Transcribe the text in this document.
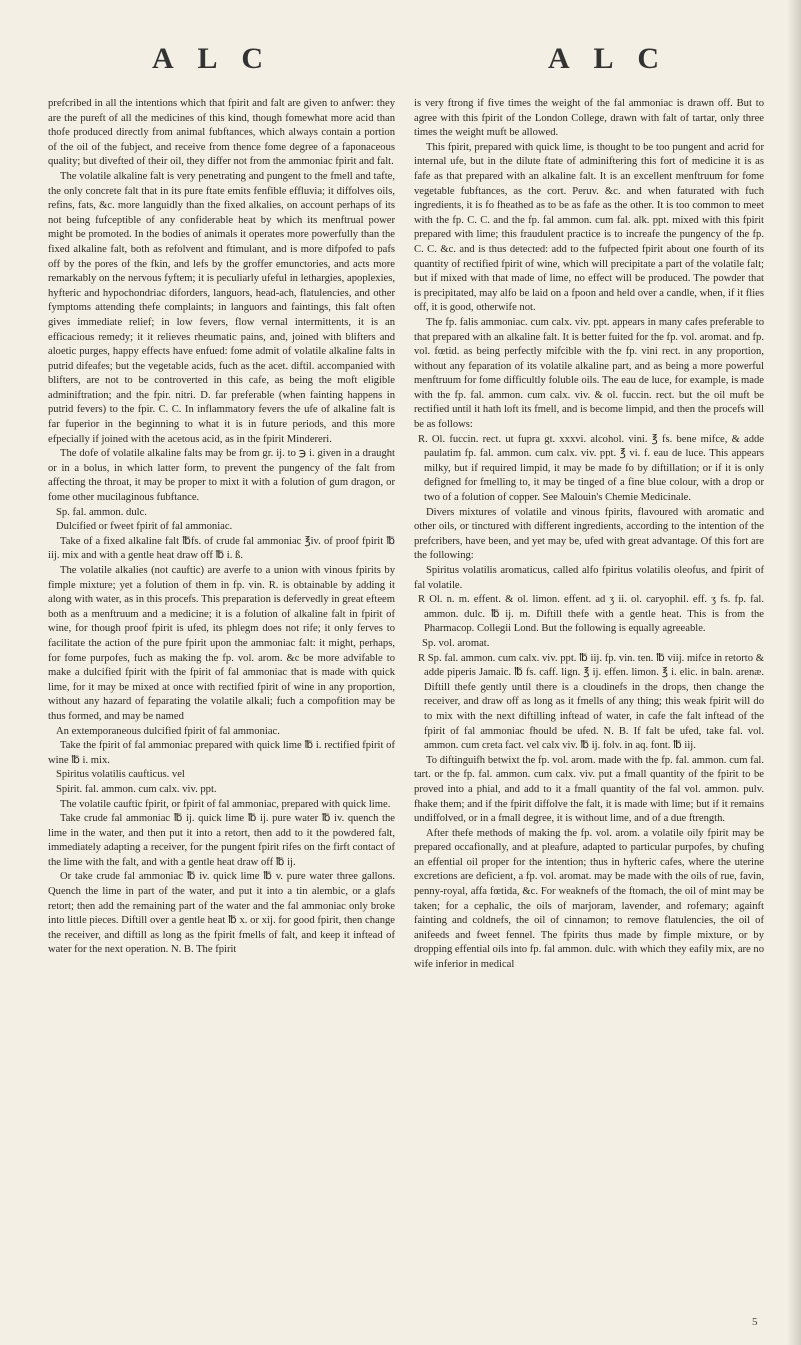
A L C	A L C

prefcribed in all the intentions which that fpirit and falt are given to anfwer: they are the pureft of all the medicines of this kind, though fomewhat more acid than thofe produced directly from animal fubftances, which always contain a portion of the oil of the fubject, and receive from thence fome degree of a faponaceous quality; but divefted of their oil, they differ not from the ammoniac fpirit and falt.

The volatile alkaline falt is very penetrating and pungent to the fmell and tafte, the only concrete falt that in its pure ftate emits fenfible effluvia; it diffolves oils, refins, fats, &c. more languidly than the fixed alkalies, on account perhaps of its not being fufceptible of any confiderable heat by which its menftrual power might be promoted. In the bodies of animals it operates more powerfully than the fixed alkaline falt, both as refolvent and ftimulant, and is more difpofed to pafs off by the pores of the fkin, and lefs by the groffer emunctories, and acts more remarkably on the nervous fyftem; it is peculiarly ufeful in lethargies, apoplexies, hyfteric and hypochondriac diforders, languors, head-ach, flatulencies, and other fymptoms attending thefe complaints; in languors and faintings, this falt often gives immediate relief; in low fevers, flow vernal intermittents, it is an efficacious remedy; it it relieves rheumatic pains, and, joined with blifters and aloetic purges, happy effects have enfued: fome admit of volatile alkaline falts in putrid difeafes; but the vegetable acids, fuch as the acet. diftil. accompanied with blifters, are not to be controverted in this cafe, as being the moft eligible adminiftration; and the fpir. nitri. D. far preferable (when fainting happens in putrid fevers) to the fpir. C. C. In inflammatory fevers the ufe of alkaline falt is far fuperior in the beginning to what it is in future periods, and this more efpecially if joined with the acetous acid, as in the fpirit Mindereri.

The dofe of volatile alkaline falts may be from gr. ij. to ℈ i. given in a draught or in a bolus, in which latter form, to prevent the pungency of the falt from affecting the throat, it may be proper to mixt it with a folution of gum dragon, or fome other mucilaginous fubftance.

Sp. fal. ammon. dulc.

Dulcified or fweet fpirit of fal ammoniac.

Take of a fixed alkaline falt ℔fs. of crude fal ammoniac ℥iv. of proof fpirit ℔ iij. mix and with a gentle heat draw off ℔ i. ß.

The volatile alkalies (not cauftic) are averfe to a union with vinous fpirits by fimple mixture; yet a folution of them in fp. vin. R. is obtainable by adding it along with water, as in this procefs. This preparation is defervedly in great efteem both as a menftruum and a medicine; it is a folution of alkaline falt in fpirit of wine, for though proof fpirit is ufed, its phlegm does not rife; it only ferves to facilitate the action of the pure fpirit upon the ammoniac falt: it might, perhaps, for fome purpofes, fuch as making the fp. vol. arom. &c be more advifable to make a dulcified fpirit with the fpirit of fal ammoniac that is made with quick lime, for it may be mixed at once with rectified fpirit of wine in any proportion, without any hazard of feparating the volatile alkali; fuch a compofition may be thus formed, and may be named

An extemporaneous dulcified fpirit of fal ammoniac.

Take the fpirit of fal ammoniac prepared with quick lime ℔ i. rectified fpirit of wine ℔ i. mix.

Spiritus volatilis caufticus. vel

Spirit. fal. ammon. cum calx. viv. ppt.

The volatile cauftic fpirit, or fpirit of fal ammoniac, prepared with quick lime.

Take crude fal ammoniac ℔ ij. quick lime ℔ ij. pure water ℔ iv. quench the lime in the water, and then put it into a retort, then add to it the powdered falt, immediately adapting a receiver, for the pungent fpirit rifes on the firft contact of the lime with the falt, and with a gentle heat draw off ℔ ij.

Or take crude fal ammoniac ℔ iv. quick lime ℔ v. pure water three gallons. Quench the lime in part of the water, and put it into a tin alembic, or a glafs retort; then add the remaining part of the water and the fal ammoniac only broke into little pieces. Diftill over a gentle heat ℔ x. or xij. for good fpirit, then change the receiver, and diftill as long as the fpirit fmells of falt, and keep it inftead of water for the next operation. N. B. The fpirit

is very ftrong if five times the weight of the fal ammoniac is drawn off. But to agree with this fpirit of the London College, drawn with falt of tartar, only three times the weight muft be allowed.

This fpirit, prepared with quick lime, is thought to be too pungent and acrid for internal ufe, but in the dilute ftate of adminiftering this fort of medicine it is as fafe as that prepared with an alkaline falt. It is an excellent menftruum for fome vegetable fubftances, as the cort. Peruv. &c. and when faturated with fuch ingredients, it is fo fheathed as to be as fafe as the other. It is too common to meet with the fp. C. C. and the fp. fal ammon. cum fal. alk. ppt. mixed with this fpirit prepared with lime; this fraudulent practice is to increafe the pungency of the fp. C. C. &c. and is thus detected: add to the fufpected fpirit about one fourth of its quantity of rectified fpirit of wine, which will precipitate a part of the volatile falt; but if mixed with that made of lime, no effect will be produced. The powder that is precipitated, may alfo be laid on a fpoon and held over a candle, when, if it flies off, it is good, otherwife not.

The fp. falis ammoniac. cum calx. viv. ppt. appears in many cafes preferable to that prepared with an alkaline falt. It is better fuited for the fp. vol. aromat. and fp. vol. fœtid. as being perfectly mifcible with the fp. vini rect. in any proportion, without any feparation of its volatile alkaline part, and as being a more powerful menftruum for fome difficultly foluble oils. The eau de luce, for example, is made with the fp. fal. ammon. cum calx. viv. & ol. fuccin. rect. but the oil muft be rectified until it hath loft its fmell, and is become limpid, and then the procefs will be as follows:

R. Ol. fuccin. rect. ut fupra gt. xxxvi. alcohol. vini. ℥ fs. bene mifce, & adde paulatim fp. fal. ammon. cum calx. viv. ppt. ℥ vi. f. eau de luce. This appears milky, but if required limpid, it may be made fo by diftillation; or if it is only defigned for fmelling to, it may be tinged of a fine blue colour, with a drop or two of a folution of copper. See Malouin's Chemie Medicinale.

Divers mixtures of volatile and vinous fpirits, flavoured with aromatic and other oils, or tinctured with different ingredients, according to the intention of the prefcribers, have been, and yet may be, ufed with great advantage. Of this fort are the following:

Spiritus volatilis aromaticus, called alfo fpiritus volatilis oleofus, and fpirit of fal volatile.

R Ol. n. m. effent. & ol. limon. effent. ad ʒ ii. ol. caryophil. eff. ʒ fs. fp. fal. ammon. dulc. ℔ ij. m. Diftill thefe with a gentle heat. This is from the Pharmacop. Collegii Lond. But the following is equally agreeable.

Sp. vol. aromat.

R Sp. fal. ammon. cum calx. viv. ppt. ℔ iij. fp. vin. ten. ℔ viij. mifce in retorto & adde piperis Jamaic. ℔ fs. caff. lign. ℥ ij. effen. limon. ℥ i. elic. in baln. arenæ. Diftill thefe gently until there is a cloudinefs in the drops, then change the receiver, and draw off as long as it fmells of any thing; this weak fpirit will do to mix with the next diftilling inftead of water, in cafe the falt inftead of the fpirit of fal ammoniac fhould be ufed. N. B. If falt be ufed, take fal. vol. ammon. cum creta fact. vel calx viv. ℔ ij. folv. in aq. font. ℔ iij.

To diftinguifh betwixt the fp. vol. arom. made with the fp. fal. ammon. cum fal. tart. or the fp. fal. ammon. cum calx. viv. put a fmall quantity of the fpirit to be proved into a phial, and add to it a fmall quantity of the fal vol. ammon. pulv. fhake them; and if the fpirit diffolve the falt, it is made with lime; but if it remains undiffolved, or in a fmall degree, it is without lime, and of a due ftrength.

After thefe methods of making the fp. vol. arom. a volatile oily fpirit may be prepared occafionally, and at pleafure, adapted to particular purpofes, by chufing an effential oil proper for the intention; thus in hyfteric cafes, where the uterine excretions are deficient, a fp. vol. aromat. may be made with the oils of rue, favin, penny-royal, affa fœtida, &c. For weaknefs of the ftomach, the oil of mint may be taken; for a cephalic, the oils of marjoram, lavender, and rofemary; againft fainting and coldnefs, the oil of cinnamon; to remove flatulencies, the oil of anifeeds and fweet fennel. The fpirits thus made by fimple mixture, or by dropping effential oils into fp. fal ammon. dulc. with which they eafily mix, are no wife inferior in medical

5
